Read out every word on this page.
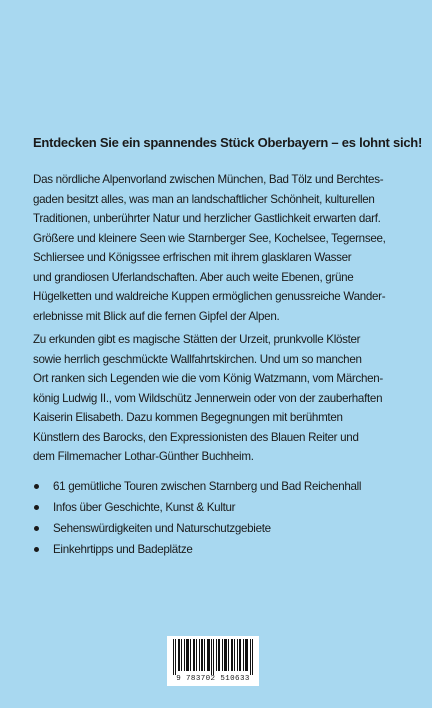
Entdecken Sie ein spannendes Stück Oberbayern – es lohnt sich!
Das nördliche Alpenvorland zwischen München, Bad Tölz und Berchtes-
gaden besitzt alles, was man an landschaftlicher Schönheit, kulturellen
Traditionen, unberührter Natur und herzlicher Gastlichkeit erwarten darf.
Größere und kleinere Seen wie Starnberger See, Kochelsee, Tegernsee,
Schliersee und Königssee erfrischen mit ihrem glasklaren Wasser
und grandiosen Uferlandschaften. Aber auch weite Ebenen, grüne
Hügelketten und waldreiche Kuppen ermöglichen genussreiche Wander-
erlebnisse mit Blick auf die fernen Gipfel der Alpen.
Zu erkunden gibt es magische Stätten der Urzeit, prunkvolle Klöster
sowie herrlich geschmückte Wallfahrtskirchen. Und um so manchen
Ort ranken sich Legenden wie die vom König Watzmann, vom Märchen-
könig Ludwig II., vom Wildschütz Jennerwein oder von der zauberhaften
Kaiserin Elisabeth. Dazu kommen Begegnungen mit berühmten
Künstlern des Barocks, den Expressionisten des Blauen Reiter und
dem Filmemacher Lothar-Günther Buchheim.
61 gemütliche Touren zwischen Starnberg und Bad Reichenhall
Infos über Geschichte, Kunst & Kultur
Sehenswürdigkeiten und Naturschutzgebiete
Einkehrtipps und Badeplätze
9 783702 510633
